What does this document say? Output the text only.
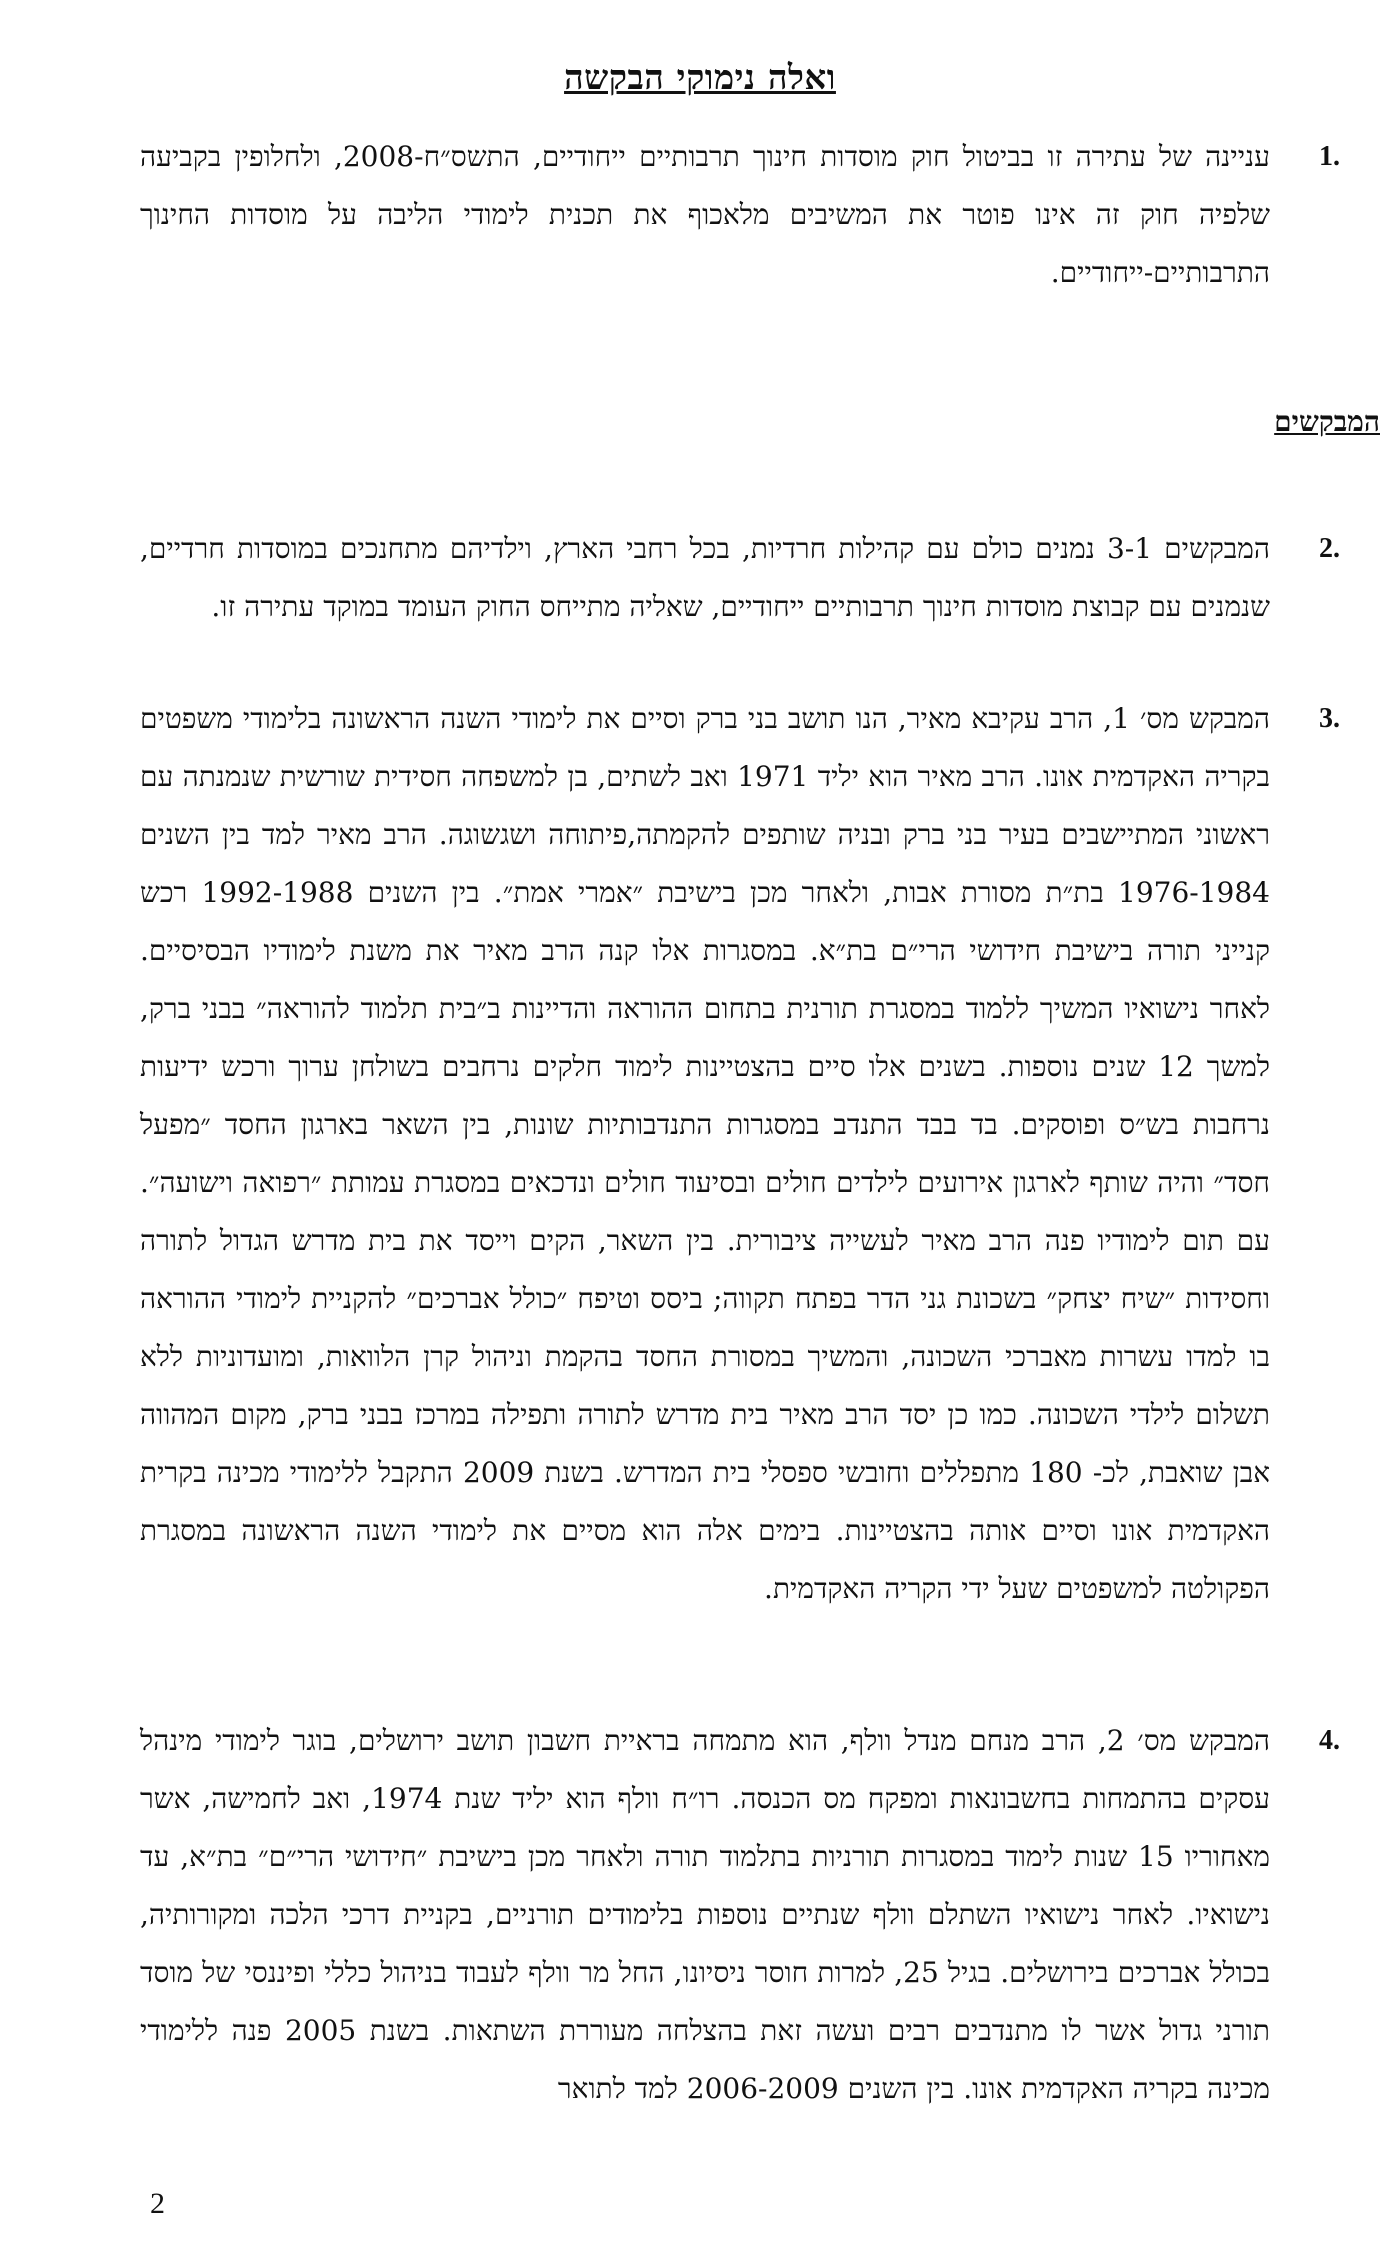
ואלה נימוקי הבקשה
1.
עניינה של עתירה זו בביטול חוק מוסדות חינוך תרבותיים ייחודיים, התשס״ח-2008, ולחלופין בקביעה שלפיה חוק זה אינו פוטר את המשיבים מלאכוף את תכנית לימודי הליבה על מוסדות החינוך התרבותיים-ייחודיים.
המבקשים
2.
המבקשים 3-1 נמנים כולם עם קהילות חרדיות, בכל רחבי הארץ, וילדיהם מתחנכים במוסדות חרדיים, שנמנים עם קבוצת מוסדות חינוך תרבותיים ייחודיים, שאליה מתייחס החוק העומד במוקד עתירה זו.
3.
המבקש מס׳ 1, הרב עקיבא מאיר, הנו תושב בני ברק וסיים את לימודי השנה הראשונה בלימודי משפטים בקריה האקדמית אונו. הרב מאיר הוא יליד 1971 ואב לשתים, בן למשפחה חסידית שורשית שנמנתה עם ראשוני המתיישבים בעיר בני ברק ובניה שותפים להקמתה,פיתוחה ושגשוגה. הרב מאיר למד בין השנים 1976-1984 בת״ת מסורת אבות, ולאחר מכן בישיבת ״אמרי אמת״. בין השנים 1992-1988 רכש קנייני תורה בישיבת חידושי הרי״ם בת״א. במסגרות אלו קנה הרב מאיר את משנת לימודיו הבסיסיים. לאחר נישואיו המשיך ללמוד במסגרת תורנית בתחום ההוראה והדיינות ב״בית תלמוד להוראה״ בבני ברק, למשך 12 שנים נוספות. בשנים אלו סיים בהצטיינות לימוד חלקים נרחבים בשולחן ערוך ורכש ידיעות נרחבות בש״ס ופוסקים. בד בבד התנדב במסגרות התנדבותיות שונות, בין השאר בארגון החסד ״מפעל חסד״ והיה שותף לארגון אירועים לילדים חולים ובסיעוד חולים ונדכאים במסגרת עמותת ״רפואה וישועה״. עם תום לימודיו פנה הרב מאיר לעשייה ציבורית. בין השאר, הקים וייסד את בית מדרש הגדול לתורה וחסידות ״שיח יצחק״ בשכונת גני הדר בפתח תקווה; ביסס וטיפח ״כולל אברכים״ להקניית לימודי ההוראה בו למדו עשרות מאברכי השכונה, והמשיך במסורת החסד בהקמת וניהול קרן הלוואות, ומועדוניות ללא תשלום לילדי השכונה. כמו כן יסד הרב מאיר בית מדרש לתורה ותפילה במרכז בבני ברק, מקום המהווה אבן שואבת, לכ- 180 מתפללים וחובשי ספסלי בית המדרש. בשנת 2009 התקבל ללימודי מכינה בקרית האקדמית אונו וסיים אותה בהצטיינות. בימים אלה הוא מסיים את לימודי השנה הראשונה במסגרת הפקולטה למשפטים שעל ידי הקריה האקדמית.
4.
המבקש מס׳ 2, הרב מנחם מנדל וולף, הוא מתמחה בראיית חשבון תושב ירושלים, בוגר לימודי מינהל עסקים בהתמחות בחשבונאות ומפקח מס הכנסה. רו״ח וולף הוא יליד שנת 1974, ואב לחמישה, אשר מאחוריו 15 שנות לימוד במסגרות תורניות בתלמוד תורה ולאחר מכן בישיבת ״חידושי הרי״ם״ בת״א, עד נישואיו. לאחר נישואיו השתלם וולף שנתיים נוספות בלימודים תורניים, בקניית דרכי הלכה ומקורותיה, בכולל אברכים בירושלים. בגיל 25, למרות חוסר ניסיונו, החל מר וולף לעבוד בניהול כללי ופיננסי של מוסד תורני גדול אשר לו מתנדבים רבים ועשה זאת בהצלחה מעוררת השתאות. בשנת 2005 פנה ללימודי מכינה בקריה האקדמית אונו. בין השנים 2006-2009 למד לתואר
2
